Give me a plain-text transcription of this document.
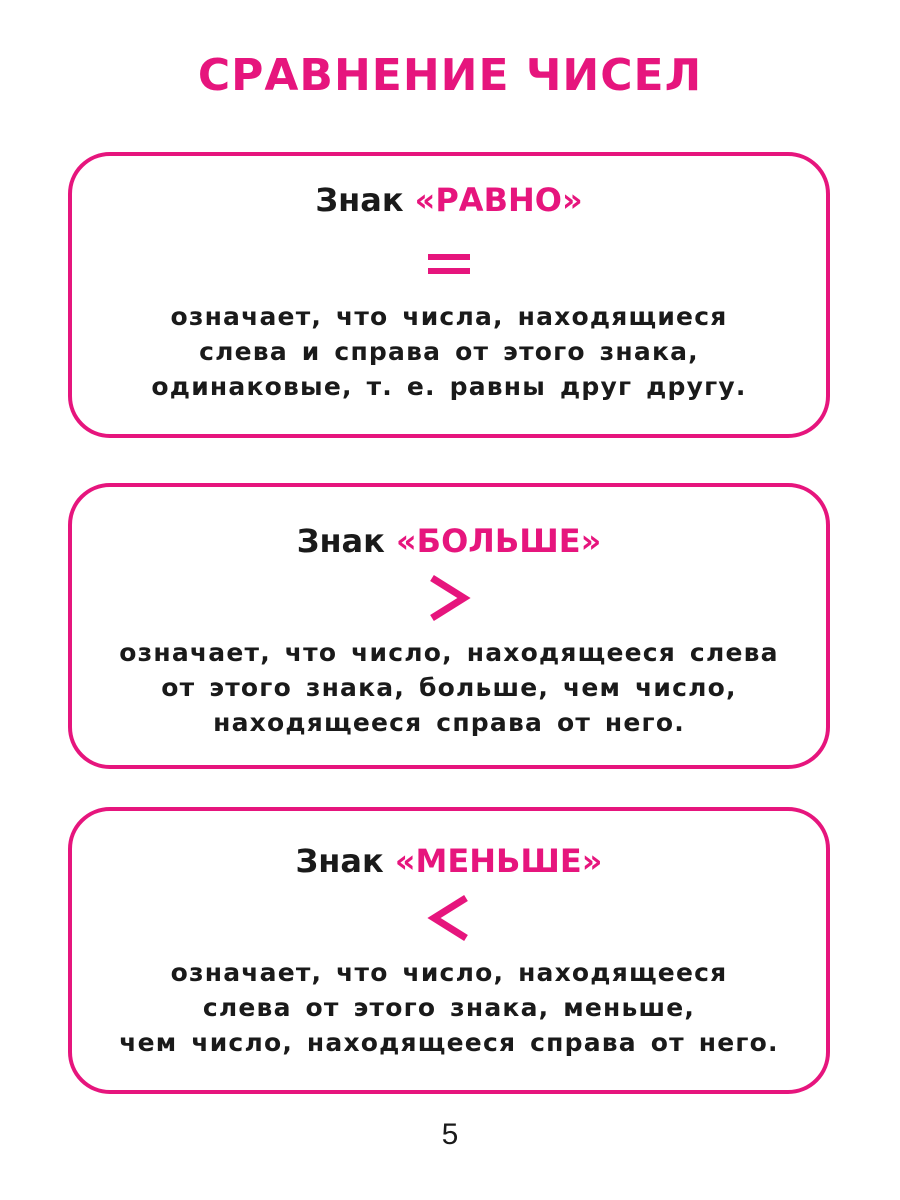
СРАВНЕНИЕ ЧИСЕЛ
Знак «РАВНО»
означает, что числа, находящиеся
слева и справа от этого знака,
одинаковые, т. е. равны друг другу.
Знак «БОЛЬШЕ»
означает, что число, находящееся слева
от этого знака, больше, чем число,
находящееся справа от него.
Знак «МЕНЬШЕ»
означает, что число, находящееся
слева от этого знака, меньше,
чем число, находящееся справа от него.
5
